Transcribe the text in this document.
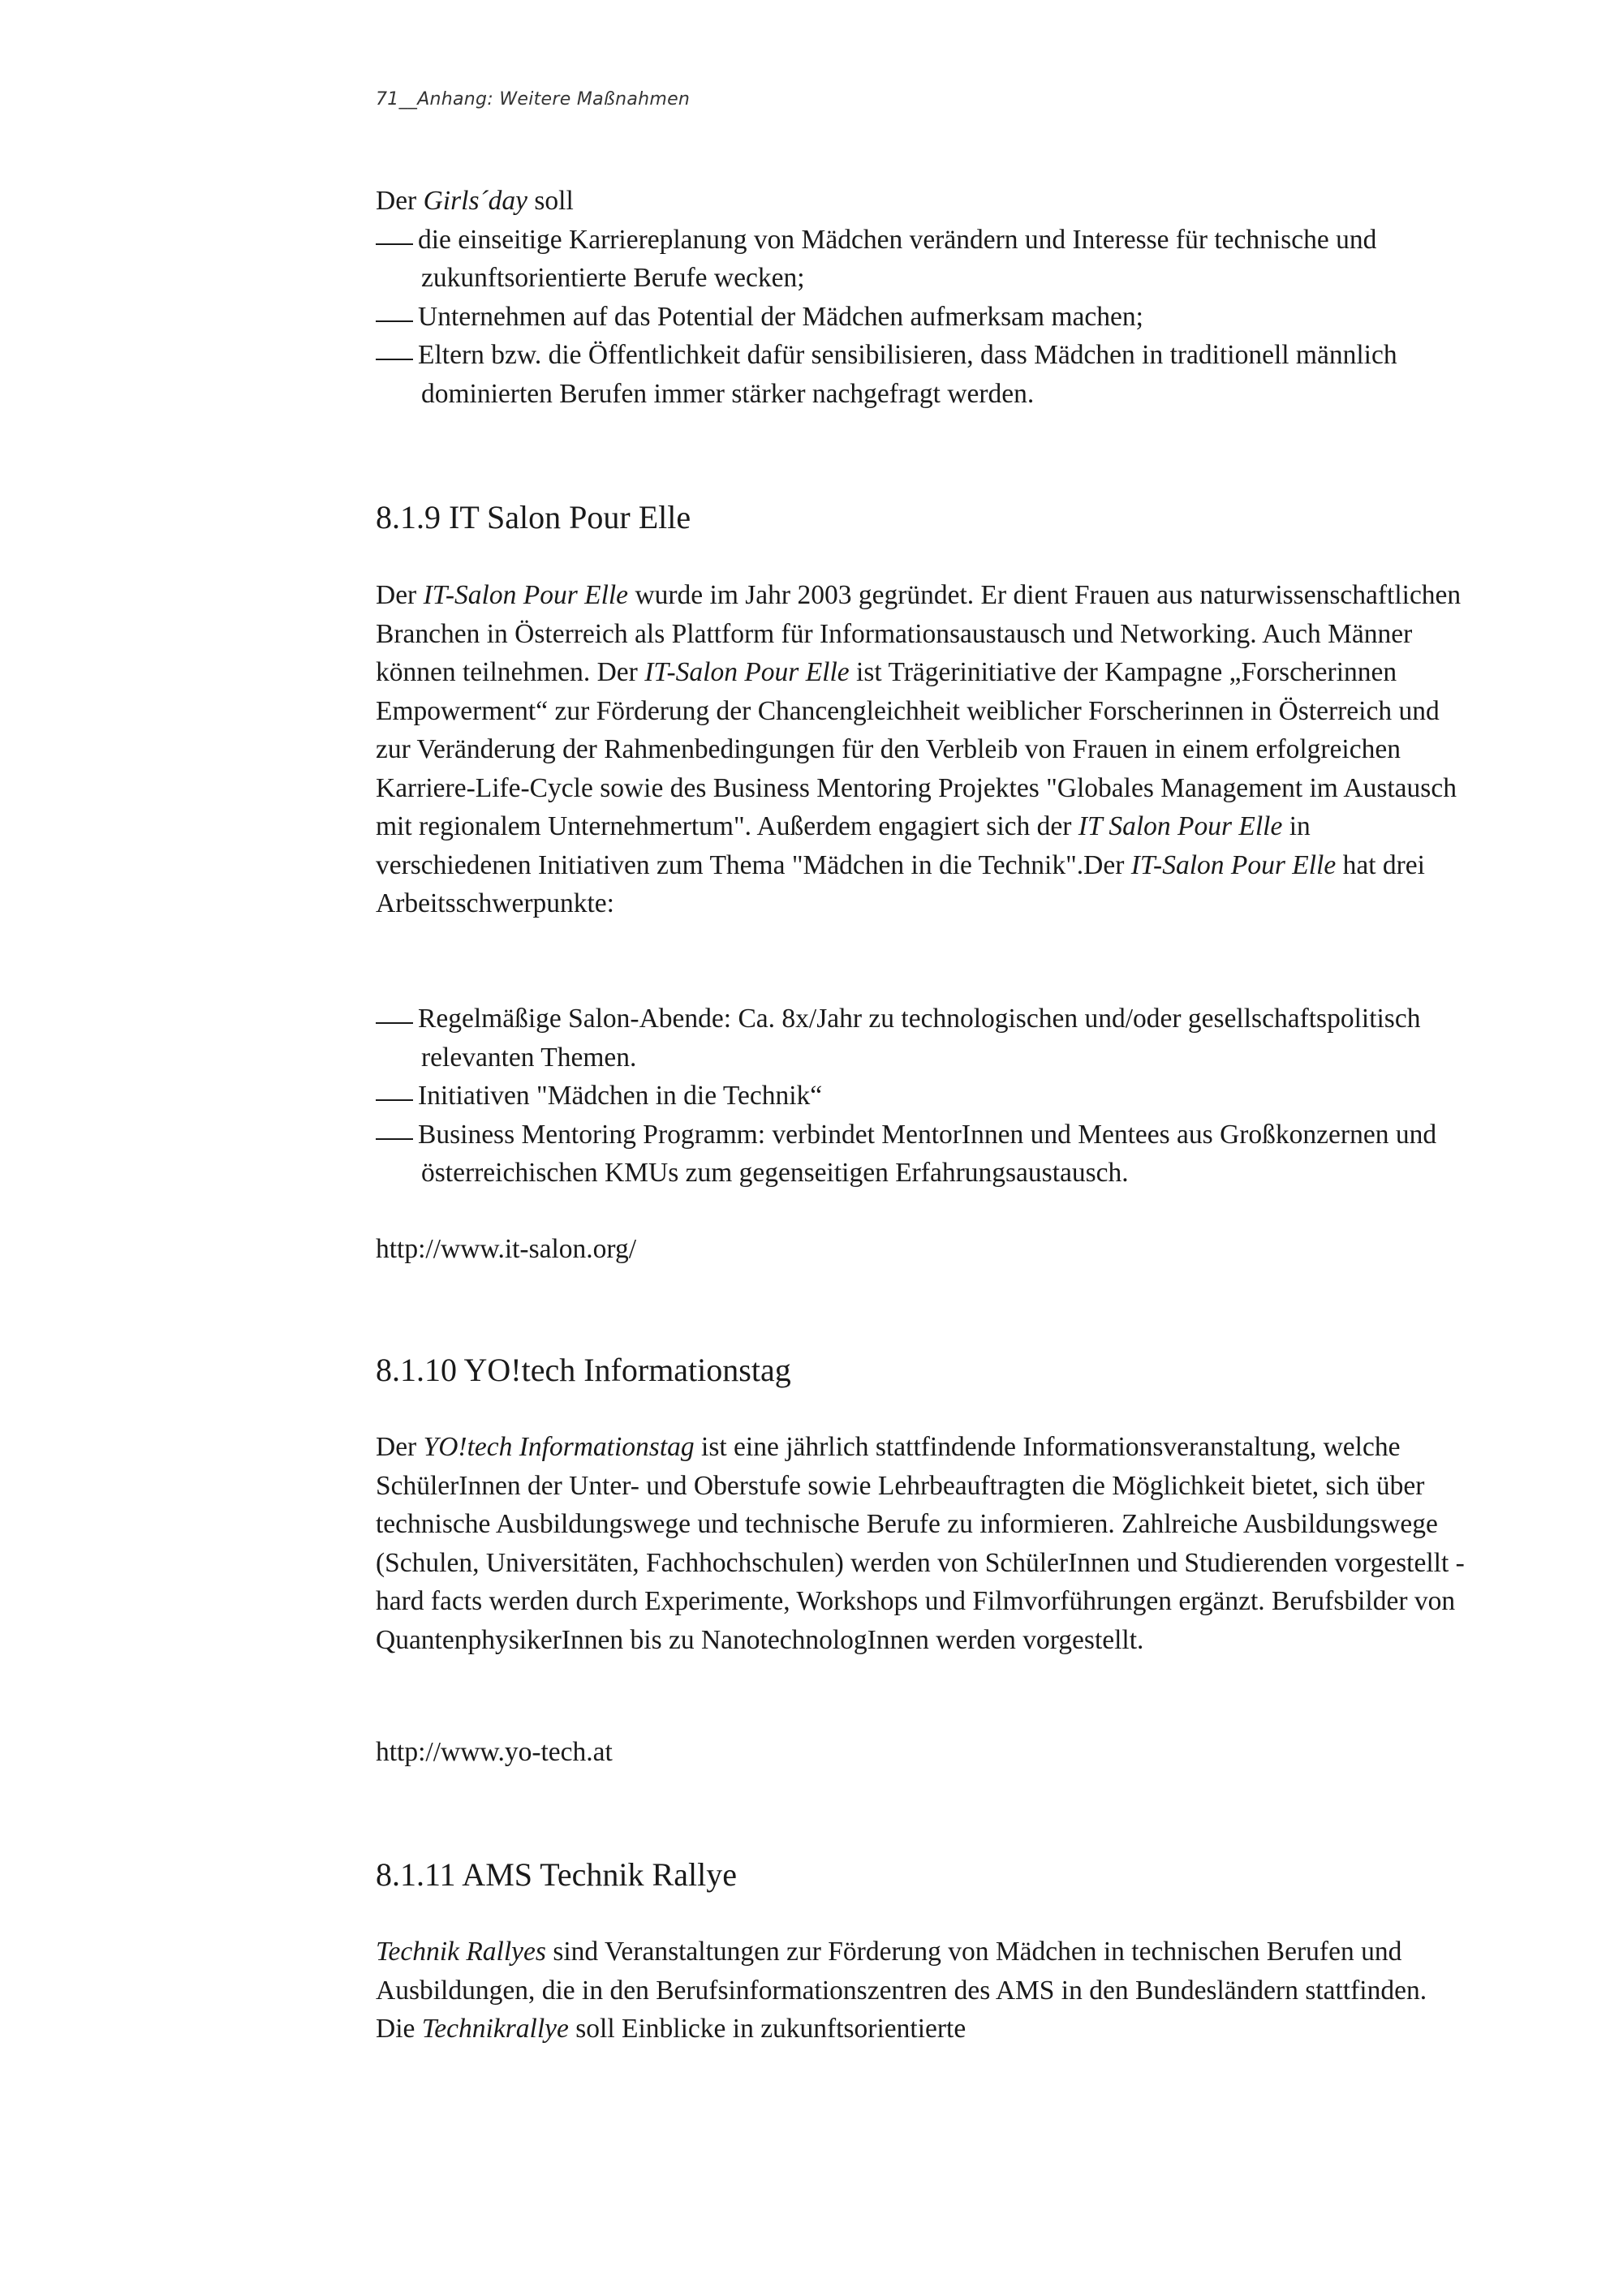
71__Anhang: Weitere Maßnahmen

Der Girls´day soll

die einseitige Karriereplanung von Mädchen verändern und Interesse für technische und zukunftsorientierte Berufe wecken;

Unternehmen auf das Potential der Mädchen aufmerksam machen;

Eltern bzw. die Öffentlichkeit dafür sensibilisieren, dass Mädchen in traditionell männlich dominierten Berufen immer stärker nachgefragt werden.

8.1.9 IT Salon Pour Elle

Der IT-Salon Pour Elle wurde im Jahr 2003 gegründet. Er dient Frauen aus naturwissenschaftlichen Branchen in Österreich als Plattform für Informationsaustausch und Networking. Auch Männer können teilnehmen. Der IT-Salon Pour Elle ist Trägerinitiative der Kampagne „Forscherinnen Empowerment“ zur Förderung der Chancengleichheit weiblicher Forscherinnen in Österreich und zur Veränderung der Rahmenbedingungen für den Verbleib von Frauen in einem erfolgreichen Karriere-Life-Cycle sowie des Business Mentoring Projektes "Globales Management im Austausch mit regionalem Unternehmertum". Außerdem engagiert sich der IT Salon Pour Elle in verschiedenen Initiativen zum Thema "Mädchen in die Technik".Der IT-Salon Pour Elle hat drei Arbeitsschwerpunkte:

Regelmäßige Salon-Abende: Ca. 8x/Jahr zu technologischen und/oder gesellschaftspolitisch relevanten Themen.

Initiativen "Mädchen in die Technik“

Business Mentoring Programm: verbindet MentorInnen und Mentees aus Großkonzernen und österreichischen KMUs zum gegenseitigen Erfahrungsaustausch.

http://www.it-salon.org/

8.1.10 YO!tech Informationstag

Der YO!tech Informationstag ist eine jährlich stattfindende Informationsveranstaltung, welche SchülerInnen der Unter- und Oberstufe sowie Lehrbeauftragten die Möglichkeit bietet, sich über technische Ausbildungswege und technische Berufe zu informieren. Zahlreiche Ausbildungswege (Schulen, Universitäten, Fachhochschulen) werden von SchülerInnen und Studierenden vorgestellt - hard facts werden durch Experimente, Workshops und Filmvorführungen ergänzt. Berufsbilder von QuantenphysikerInnen bis zu NanotechnologInnen werden vorgestellt.

http://www.yo-tech.at

8.1.11 AMS Technik Rallye

Technik Rallyes sind Veranstaltungen zur Förderung von Mädchen in technischen Berufen und Ausbildungen, die in den Berufsinformationszentren des AMS in den Bundesländern stattfinden. Die Technikrallye soll Einblicke in zukunftsorientierte
